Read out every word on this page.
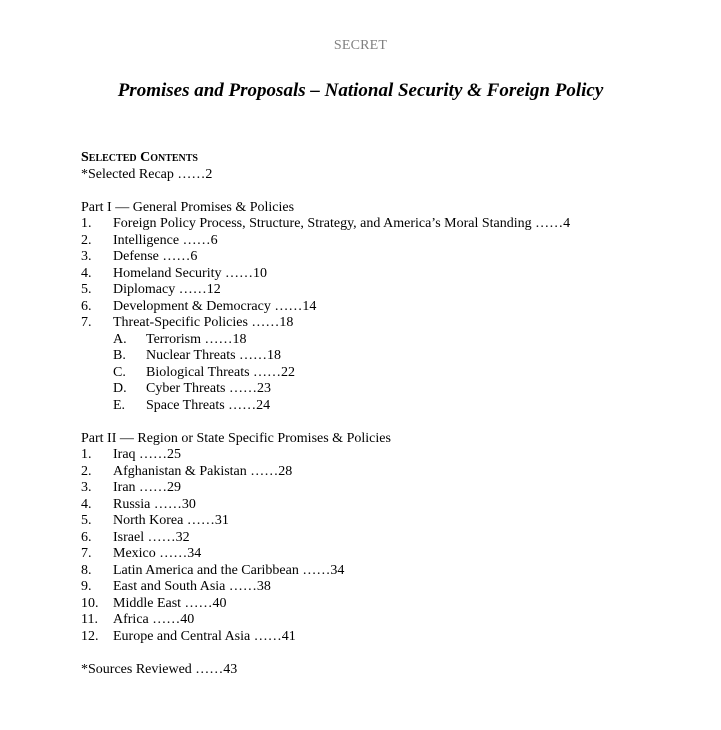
SECRET
Promises and Proposals – National Security & Foreign Policy
Selected Contents
*Selected Recap ……2
Part I — General Promises & Policies
1.	Foreign Policy Process, Structure, Strategy, and America’s Moral Standing ……4
2.	Intelligence ……6
3.	Defense ……6
4.	Homeland Security ……10
5.	Diplomacy ……12
6.	Development & Democracy ……14
7.	Threat-Specific Policies ……18
A.	Terrorism ……18
B.	Nuclear Threats ……18
C.	Biological Threats ……22
D.	Cyber Threats ……23
E.	Space Threats ……24
Part II — Region or State Specific Promises & Policies
1.	Iraq ……25
2.	Afghanistan & Pakistan ……28
3.	Iran ……29
4.	Russia ……30
5.	North Korea ……31
6.	Israel ……32
7.	Mexico ……34
8.	Latin America and the Caribbean ……34
9.	East and South Asia ……38
10.	Middle East ……40
11.	Africa ……40
12.	Europe and Central Asia ……41
*Sources Reviewed ……43
